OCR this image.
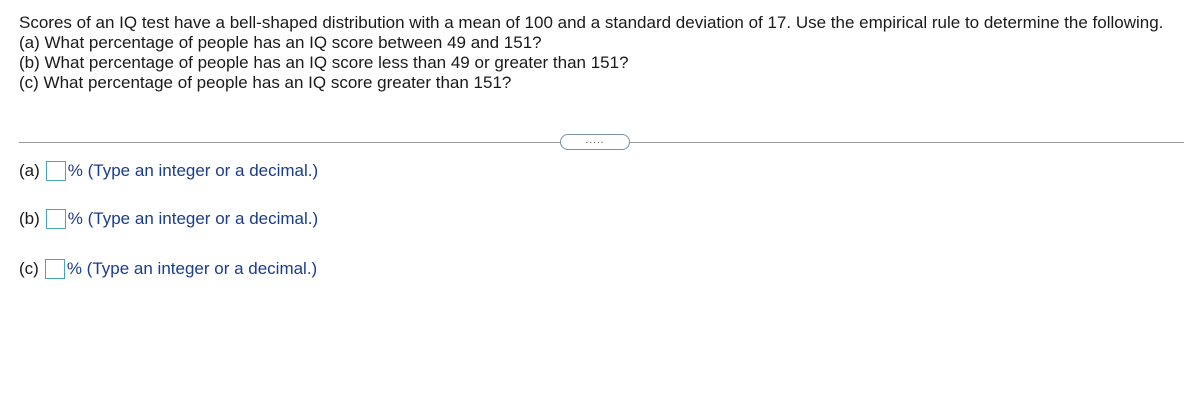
Scores of an IQ test have a bell-shaped distribution with a mean of 100 and a standard deviation of 17. Use the empirical rule to determine the following.

(a) What percentage of people has an IQ score between 49 and 151?

(b) What percentage of people has an IQ score less than 49 or greater than 151?

(c) What percentage of people has an IQ score greater than 151?

.....
(a) % (Type an integer or a decimal.)
(b) % (Type an integer or a decimal.)
(c) % (Type an integer or a decimal.)
